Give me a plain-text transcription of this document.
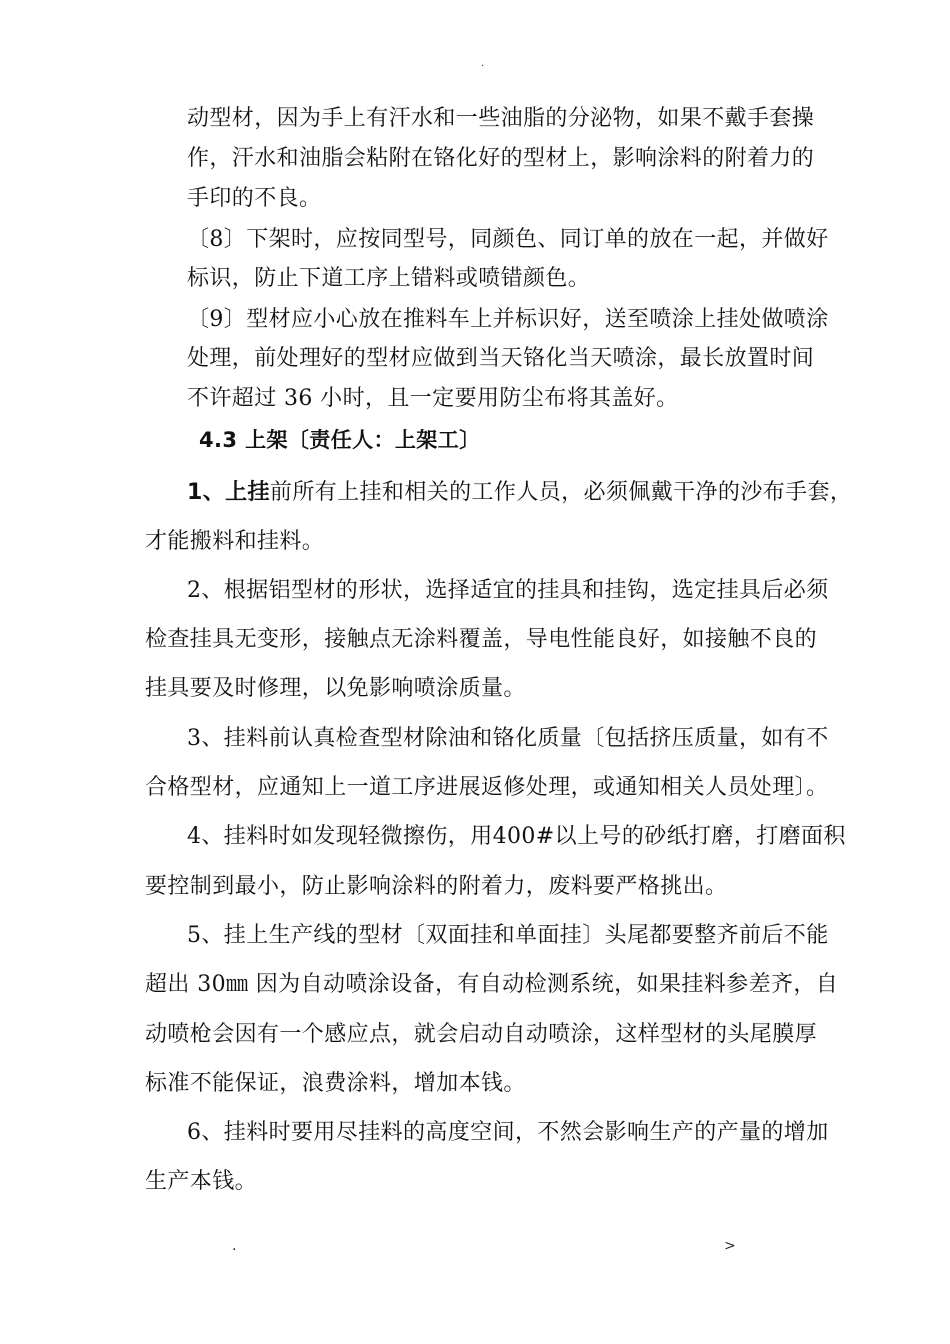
.
动型材，因为手上有汗水和一些油脂的分泌物，如果不戴手套操
作，汗水和油脂会粘附在铬化好的型材上，影响涂料的附着力的
手印的不良。
〔8〕下架时，应按同型号，同颜色、同订单的放在一起，并做好
标识，防止下道工序上错料或喷错颜色。
〔9〕型材应小心放在推料车上并标识好，送至喷涂上挂处做喷涂
处理，前处理好的型材应做到当天铬化当天喷涂，最长放置时间
不许超过 36 小时，且一定要用防尘布将其盖好。
4.3 上架〔责任人：上架工〕
1、上挂前所有上挂和相关的工作人员，必须佩戴干净的沙布手套，
才能搬料和挂料。
2、根据铝型材的形状，选择适宜的挂具和挂钩，选定挂具后必须
检查挂具无变形，接触点无涂料覆盖，导电性能良好，如接触不良的
挂具要及时修理，以免影响喷涂质量。
3、挂料前认真检查型材除油和铬化质量〔包括挤压质量，如有不
合格型材，应通知上一道工序进展返修处理，或通知相关人员处理〕。
4、挂料时如发现轻微擦伤，用400#以上号的砂纸打磨，打磨面积
要控制到最小，防止影响涂料的附着力，废料要严格挑出。
5、挂上生产线的型材〔双面挂和单面挂〕头尾都要整齐前后不能
超出 30㎜ 因为自动喷涂设备，有自动检测系统，如果挂料参差齐，自
动喷枪会因有一个感应点，就会启动自动喷涂，这样型材的头尾膜厚
标准不能保证，浪费涂料，增加本钱。
6、挂料时要用尽挂料的高度空间，不然会影响生产的产量的增加
生产本钱。
.	>
